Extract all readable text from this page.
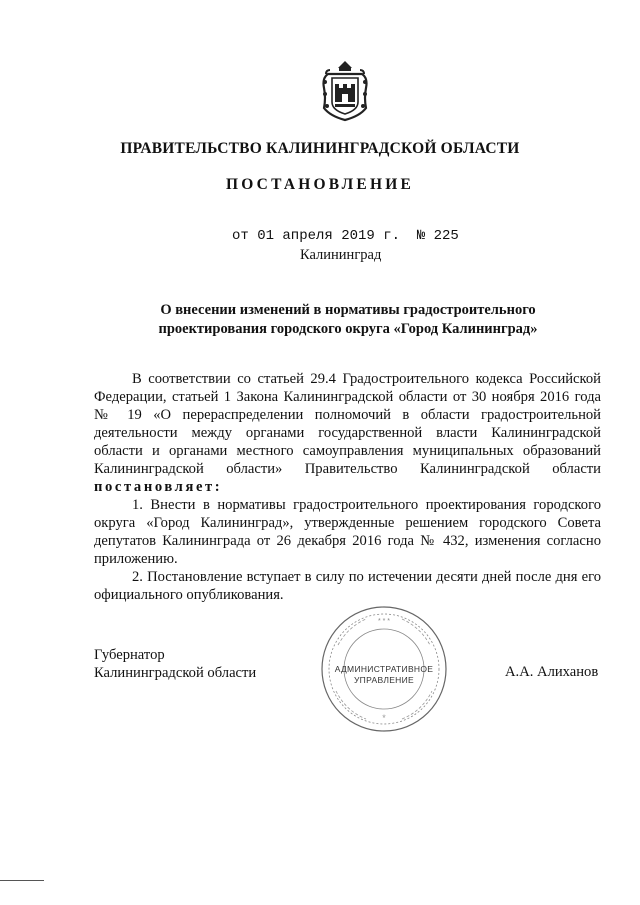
ПРАВИТЕЛЬСТВО КАЛИНИНГРАДСКОЙ ОБЛАСТИ
ПОСТАНОВЛЕНИЕ
от 01 апреля 2019 г.  № 225
Калининград
О внесении изменений в нормативы градостроительного
проектирования городского округа «Город Калининград»

В соответствии со статьей 29.4 Градостроительного кодекса Российской Федерации, статьей 1 Закона Калининградской области от 30 ноября 2016 года № 19 «О перераспределении полномочий в области градостроительной деятельности между органами государственной власти Калининградской области и органами местного самоуправления муниципальных образований Калининградской области» Правительство Калининградской области постановляет:

1. Внести в нормативы градостроительного проектирования городского округа «Город Калининград», утвержденные решением городского Совета депутатов Калининграда от 26 декабря 2016 года № 432, изменения согласно приложению.

2. Постановление вступает в силу по истечении десяти дней после дня его официального опубликования.

Губернатор
Калининградской области
* * *
*
АДМИНИСТРАТИВНОЕ
УПРАВЛЕНИЕ	А.А. Алиханов
